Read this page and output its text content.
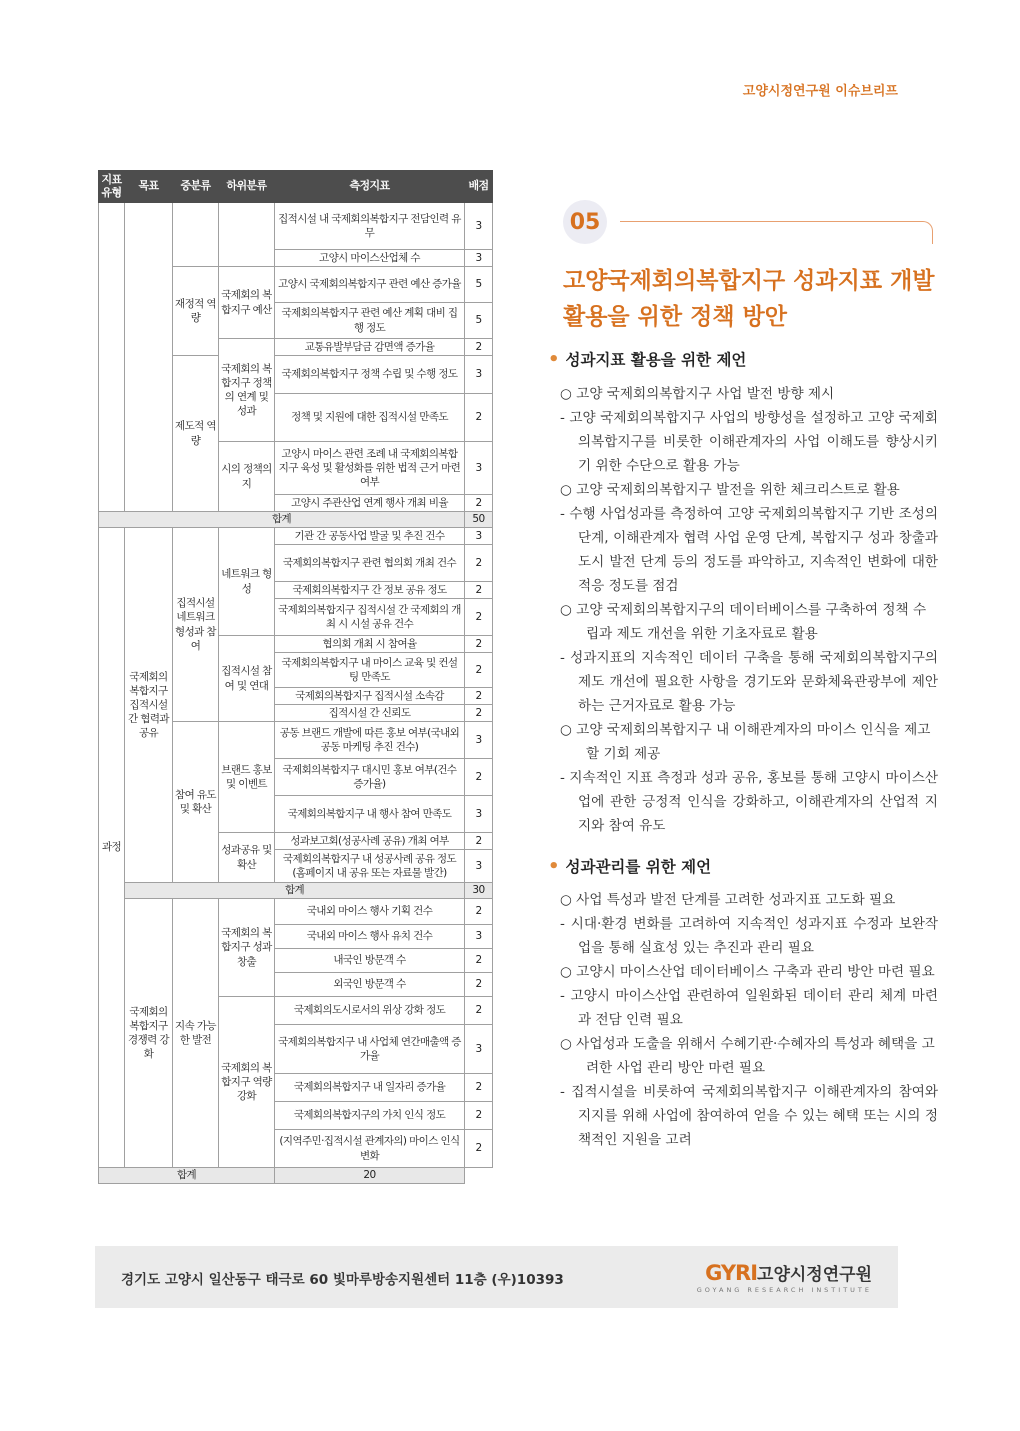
고양시정연구원 이슈브리프
지표유형	목표	중분류	하위분류	측정지표	배점
				집적시설 내 국제회의복합지구 전담인력 유무	3
				고양시 마이스산업체 수	3
		재정적 역량	국제회의 복합지구 예산	고양시 국제회의복합지구 관련 예산 증가율	5
				국제회의복합지구 관련 예산 계획 대비 집행 정도	5
			국제회의 복합지구 정책의 연계 및 성과	교통유발부담금 감면액 증가율	2
		제도적 역량		국제회의복합지구 정책 수립 및 수행 정도	3
				정책 및 지원에 대한 집적시설 만족도	2
			시의 정책의지	고양시 마이스 관련 조례 내 국제회의복합지구 육성 및 활성화를 위한 법적 근거 마련 여부	3
				고양시 주관산업 연계 행사 개최 비율	2
합계					50
과정	국제회의복합지구 집적시설 간 협력과 공유	집적시설 네트워크 형성과 참여	네트워크 형성	기관 간 공동사업 발굴 및 추진 건수	3
				국제회의복합지구 관련 협의회 개최 건수	2
				국제회의복합지구 간 정보 공유 정도	2
				국제회의복합지구 집적시설 간 국제회의 개최 시 시설 공유 건수	2
			집적시설 참여 및 연대	협의회 개최 시 참여율	2
				국제회의복합지구 내 마이스 교육 및 컨설팅 만족도	2
				국제회의복합지구 집적시설 소속감	2
				집적시설 간 신뢰도	2
		참여 유도 및 확산	브랜드 홍보 및 이벤트	공동 브랜드 개발에 따른 홍보 여부(국내외 공동 마케팅 추진 건수)	3
				국제회의복합지구 대시민 홍보 여부(건수 증가율)	2
				국제회의복합지구 내 행사 참여 만족도	3
			성과공유 및 확산	성과보고회(성공사례 공유) 개최 여부	2
				국제회의복합지구 내 성공사례 공유 정도 (홈페이지 내 공유 또는 자료물 발간)	3
	합계				30
	국제회의복합지구 경쟁력 강화	지속 가능한 발전	국제회의 복합지구 성과창출	국내외 마이스 행사 기획 건수	2
				국내외 마이스 행사 유치 건수	3
				내국인 방문객 수	2
				외국인 방문객 수	2
			국제회의 복합지구 역량 강화	국제회의도시로서의 위상 강화 정도	2
				국제회의복합지구 내 사업체 연간매출액 증가율	3
				국제회의복합지구 내 일자리 증가율	2
				국제회의복합지구의 가치 인식 정도	2
				(지역주민·집적시설 관계자의) 마이스 인식 변화	2
합계				20	
05
고양국제회의복합지구 성과지표 개발
활용을 위한 정책 방안
• 성과지표 활용을 위한 제언

○ 고양 국제회의복합지구 사업 발전 방향 제시

- 고양 국제회의복합지구 사업의 방향성을 설정하고 고양 국제회의복합지구를 비롯한 이해관계자의 사업 이해도를 향상시키기 위한 수단으로 활용 가능

○ 고양 국제회의복합지구 발전을 위한 체크리스트로 활용

- 수행 사업성과를 측정하여 고양 국제회의복합지구 기반 조성의 단계, 이해관계자 협력 사업 운영 단계, 복합지구 성과 창출과 도시 발전 단계 등의 정도를 파악하고, 지속적인 변화에 대한 적응 정도를 점검

○ 고양 국제회의복합지구의 데이터베이스를 구축하여 정책 수립과 제도 개선을 위한 기초자료로 활용

- 성과지표의 지속적인 데이터 구축을 통해 국제회의복합지구의 제도 개선에 필요한 사항을 경기도와 문화체육관광부에 제안하는 근거자료로 활용 가능

○ 고양 국제회의복합지구 내 이해관계자의 마이스 인식을 제고할 기회 제공

- 지속적인 지표 측정과 성과 공유, 홍보를 통해 고양시 마이스산업에 관한 긍정적 인식을 강화하고, 이해관계자의 산업적 지지와 참여 유도

• 성과관리를 위한 제언

○ 사업 특성과 발전 단계를 고려한 성과지표 고도화 필요

- 시대·환경 변화를 고려하여 지속적인 성과지표 수정과 보완작업을 통해 실효성 있는 추진과 관리 필요

○ 고양시 마이스산업 데이터베이스 구축과 관리 방안 마련 필요

- 고양시 마이스산업 관련하여 일원화된 데이터 관리 체계 마련과 전담 인력 필요

○ 사업성과 도출을 위해서 수혜기관·수혜자의 특성과 혜택을 고려한 사업 관리 방안 마련 필요

- 집적시설을 비롯하여 국제회의복합지구 이해관계자의 참여와 지지를 위해 사업에 참여하여 얻을 수 있는 혜택 또는 시의 정책적인 지원을 고려

경기도 고양시 일산동구 태극로 60 빛마루방송지원센터 11층 (우)10393	GYRI고양시정연구원
GOYANG RESEARCH INSTITUTE
